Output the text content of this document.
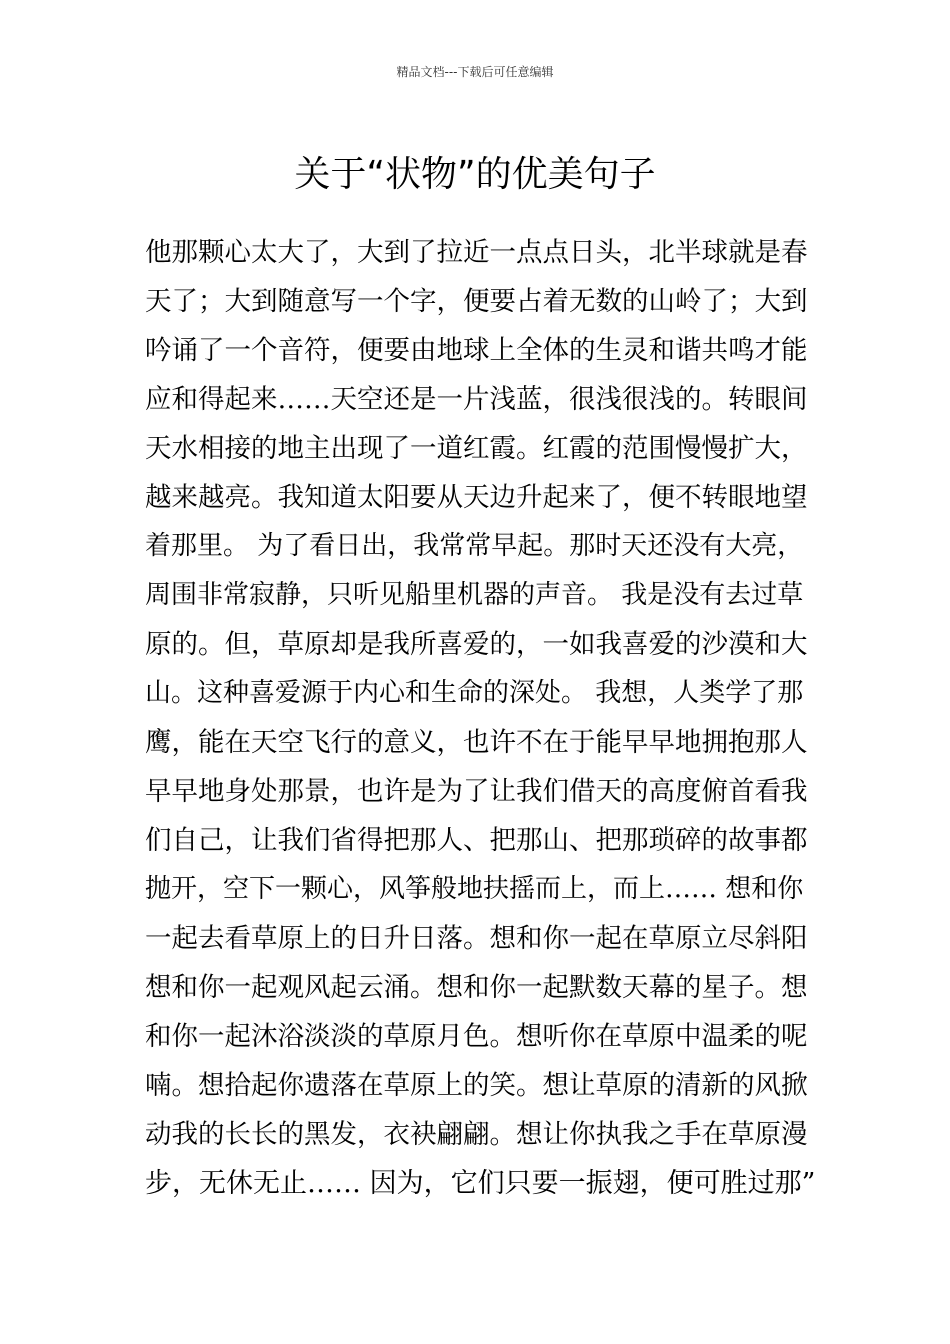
精品文档---下载后可任意编辑
关于“状物”的优美句子
他那颗心太大了，大到了拉近一点点日头，北半球就是春
天了；大到随意写一个字，便要占着无数的山岭了；大到
吟诵了一个音符，便要由地球上全体的生灵和谐共鸣才能
应和得起来……天空还是一片浅蓝，很浅很浅的。转眼间
天水相接的地主出现了一道红霞。红霞的范围慢慢扩大，
越来越亮。我知道太阳要从天边升起来了，便不转眼地望
着那里。 为了看日出，我常常早起。那时天还没有大亮，
周围非常寂静，只听见船里机器的声音。 我是没有去过草
原的。但，草原却是我所喜爱的，一如我喜爱的沙漠和大
山。这种喜爱源于内心和生命的深处。 我想，人类学了那
鹰，能在天空飞行的意义，也许不在于能早早地拥抱那人
早早地身处那景，也许是为了让我们借天的高度俯首看我
们自己，让我们省得把那人、把那山、把那琐碎的故事都
抛开，空下一颗心，风筝般地扶摇而上，而上…… 想和你
一起去看草原上的日升日落。想和你一起在草原立尽斜阳
想和你一起观风起云涌。想和你一起默数天幕的星子。想
和你一起沐浴淡淡的草原月色。想听你在草原中温柔的呢
喃。想拾起你遗落在草原上的笑。想让草原的清新的风掀
动我的长长的黑发，衣袂翩翩。想让你执我之手在草原漫
步，无休无止…… 因为，它们只要一振翅，便可胜过那”
